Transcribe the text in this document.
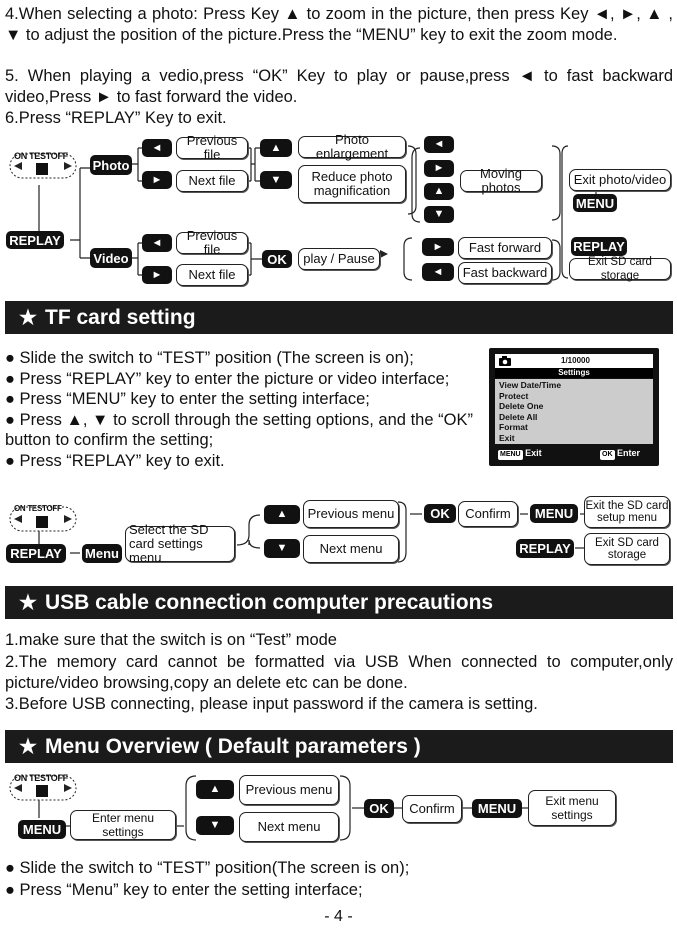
4.When selecting a photo: Press Key ▲ to zoom in the picture, then press Key ◄, ►, ▲ , ▼ to adjust the position of the picture.Press the “MENU” key to exit the zoom mode.
5. When playing a vedio,press “OK” Key to play or pause,press ◄ to fast backward video,Press ► to fast forward the video.
6.Press “REPLAY” Key to exit.
ON TESTOFF
REPLAY
Photo
Video
◄	Previous file
►	Next file
▲
Photo enlargement
▼	Reduce photo magnification
◄
►
▲
▼
Moving photos
Exit photo/video
MENU
◄	Previous file
►	Next file
OK	play / Pause
►	Fast forward
◄	Fast backward
REPLAY
Exit SD card storage
★ TF card setting
● Slide the switch to “TEST” position (The screen is on);
● Press “REPLAY” key to enter the picture or video interface;
● Press “MENU” key to enter the setting interface;
● Press ▲, ▼ to scroll through the setting options, and the “OK” button to confirm the setting;
● Press “REPLAY” key to exit.
1/10000
Settings
View Date/Time
Protect
Delete One
Delete All
Format
Exit
MENU Exit	OK Enter
ON TESTOFF
REPLAY	Menu
Select the SD card settings menu
▲	Previous menu
▼	Next menu
OK	Confirm	MENU	Exit the SD card setup menu
REPLAY	Exit SD card storage
★ USB cable connection computer precautions
1.make sure that the switch is on “Test” mode
2.The memory card cannot be formatted via USB When connected to computer,only picture/video browsing,copy an delete etc can be done.
3.Before USB connecting, please input password if the camera is setting.
★ Menu Overview ( Default parameters )
ON TESTOFF
MENU
Enter menu settings
▲	Previous menu
▼	Next menu
OK	Confirm	MENU	Exit menu settings
● Slide the switch to “TEST” position(The screen is on);
● Press “Menu” key to enter the setting interface;
- 4 -
